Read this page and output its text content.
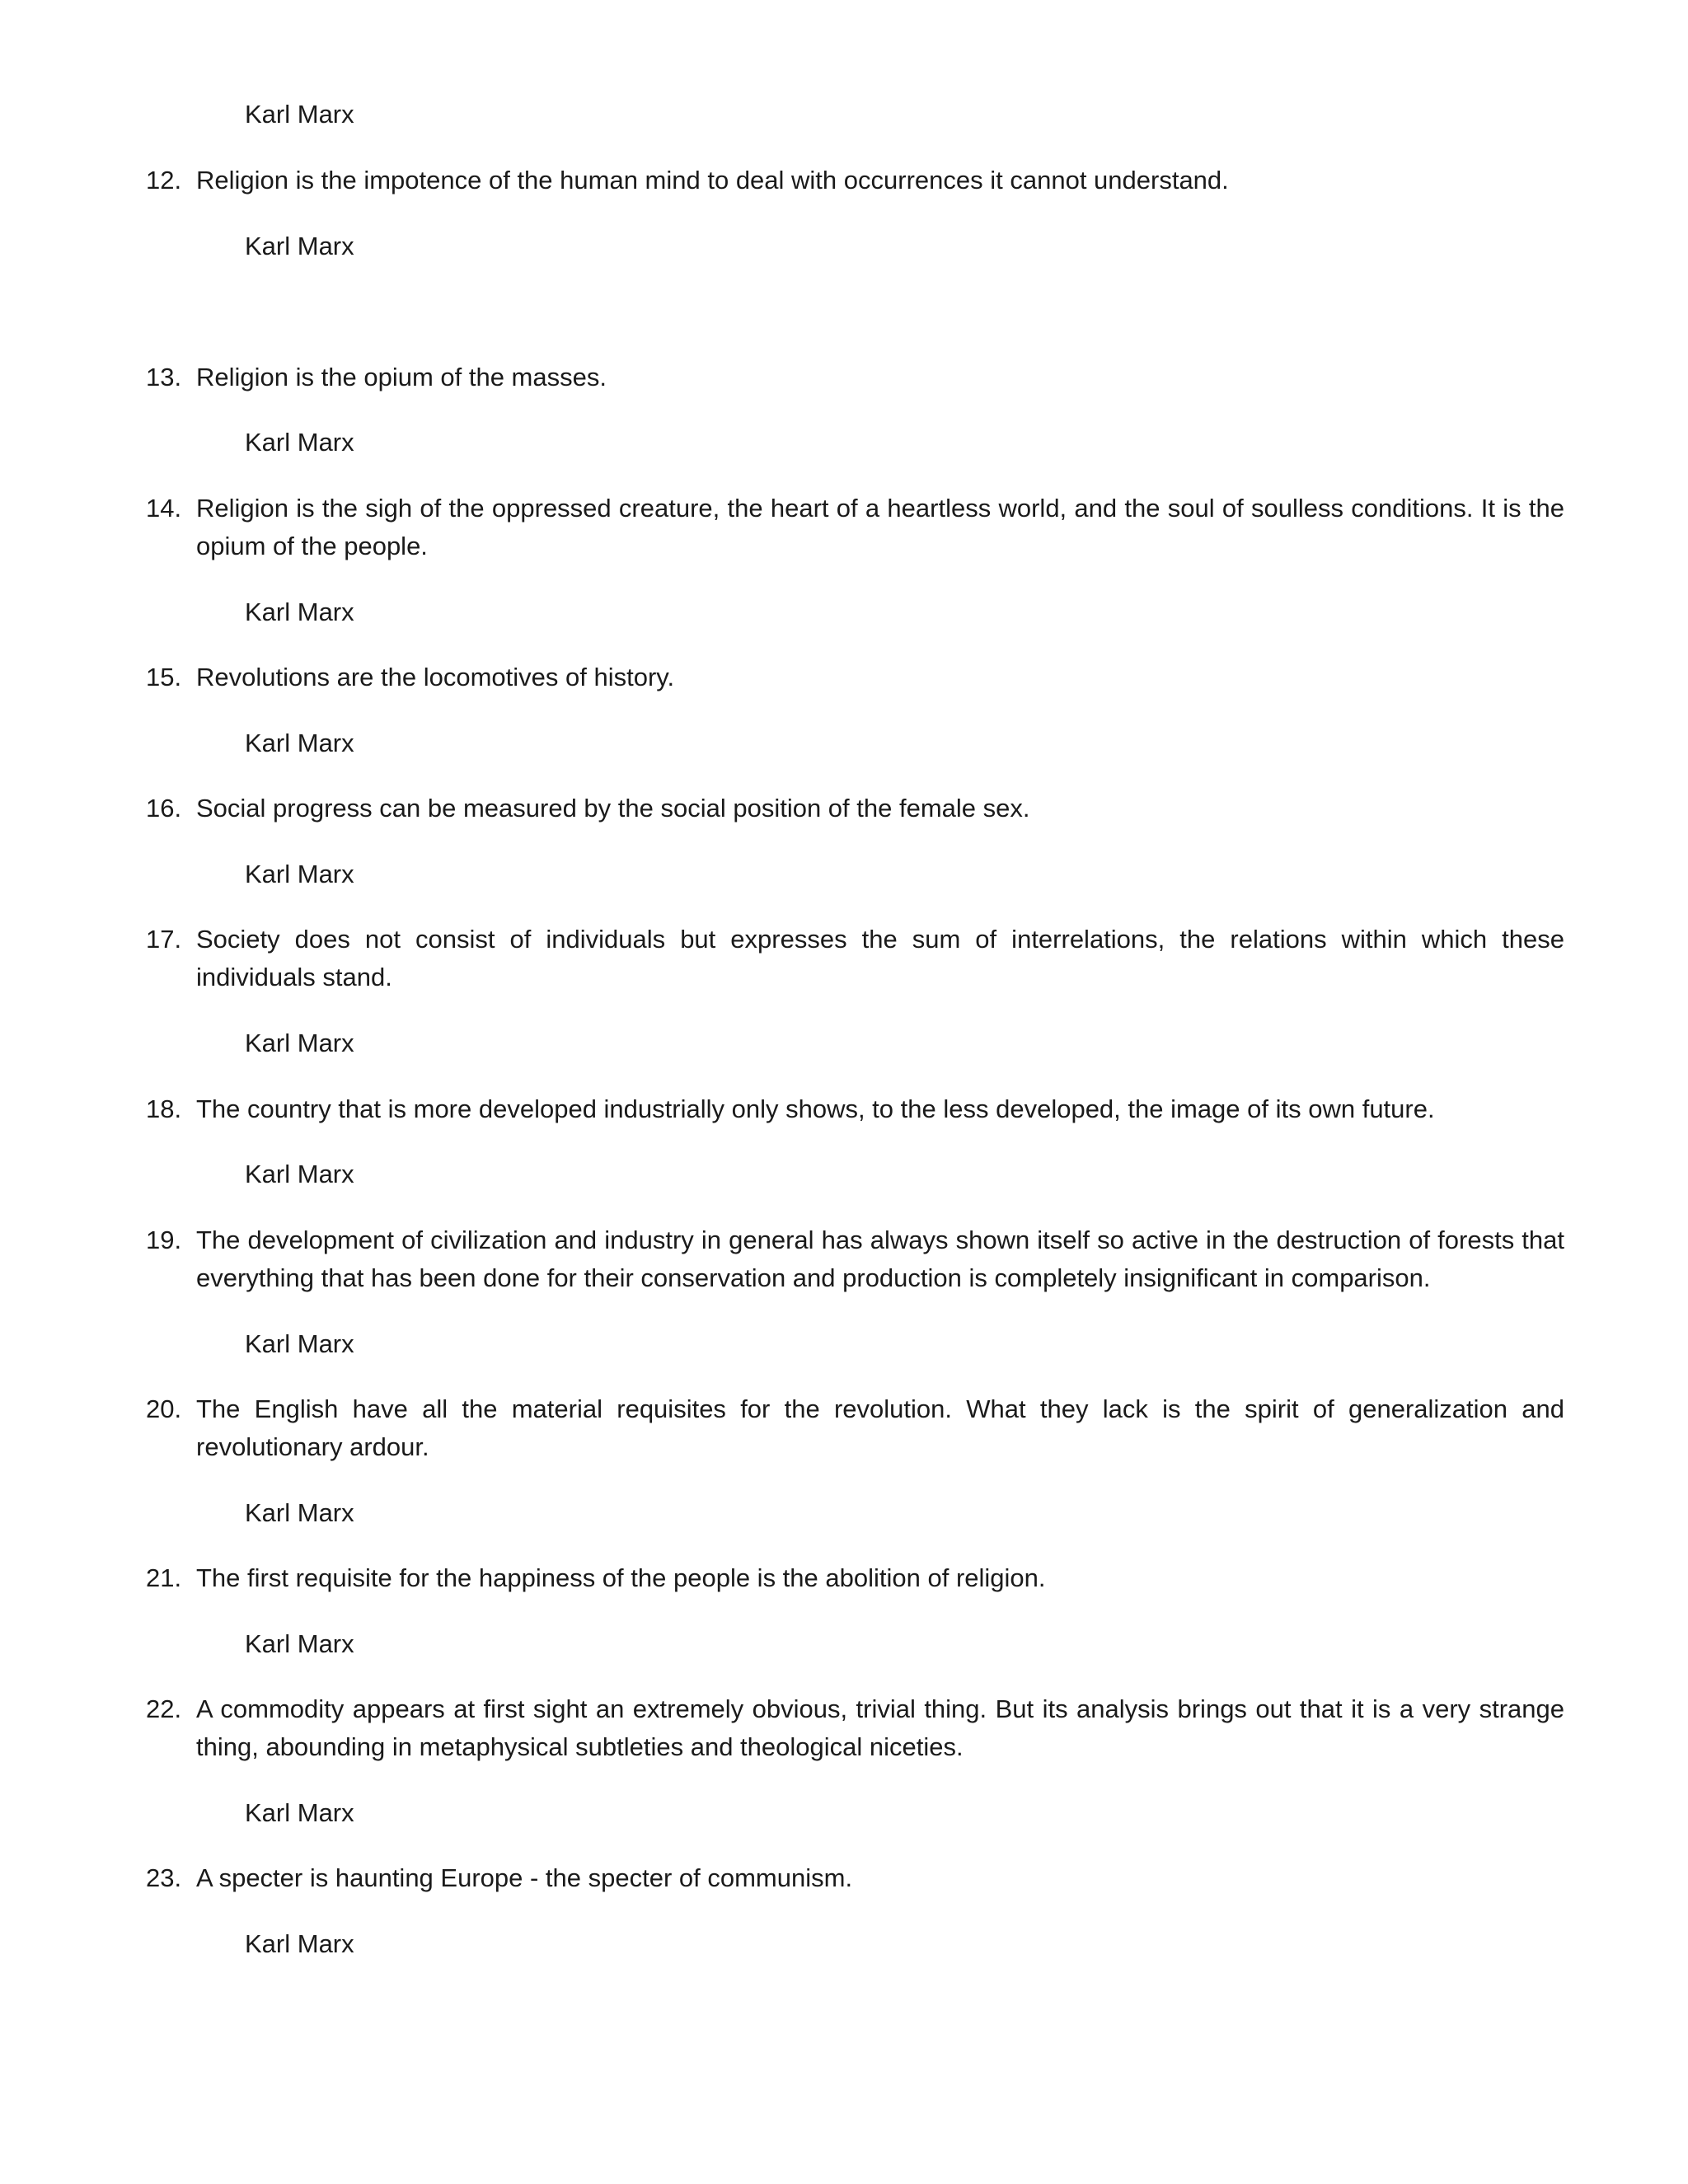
Karl Marx
12. Religion is the impotence of the human mind to deal with occurrences it cannot understand.
Karl Marx
13. Religion is the opium of the masses.
Karl Marx
14. Religion is the sigh of the oppressed creature, the heart of a heartless world, and the soul of soulless conditions. It is the opium of the people.
Karl Marx
15. Revolutions are the locomotives of history.
Karl Marx
16. Social progress can be measured by the social position of the female sex.
Karl Marx
17. Society does not consist of individuals but expresses the sum of interrelations, the relations within which these individuals stand.
Karl Marx
18. The country that is more developed industrially only shows, to the less developed, the image of its own future.
Karl Marx
19. The development of civilization and industry in general has always shown itself so active in the destruction of forests that everything that has been done for their conservation and production is completely insignificant in comparison.
Karl Marx
20. The English have all the material requisites for the revolution. What they lack is the spirit of generalization and revolutionary ardour.
Karl Marx
21. The first requisite for the happiness of the people is the abolition of religion.
Karl Marx
22. A commodity appears at first sight an extremely obvious, trivial thing. But its analysis brings out that it is a very strange thing, abounding in metaphysical subtleties and theological niceties.
Karl Marx
23. A specter is haunting Europe - the specter of communism.
Karl Marx
